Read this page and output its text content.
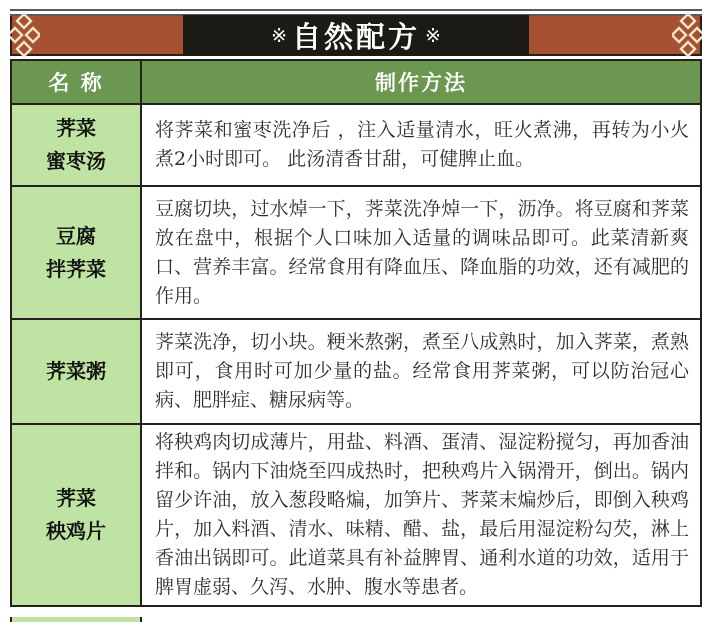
※ 自然配方 ※
名 称	制作方法

荠菜
蜜枣汤	将荠菜和蜜枣洗净后 ，注入适量清水，旺火煮沸，再转为小火煮2小时即可。 此汤清香甘甜，可健脾止血。

豆腐
拌荠菜	豆腐切块，过水焯一下，荠菜洗净焯一下，沥净。将豆腐和荠菜放在盘中，根据个人口味加入适量的调味品即可。此菜清新爽口、营养丰富。经常食用有降血压、降血脂的功效，还有减肥的作用。

荠菜粥	荠菜洗净，切小块。粳米熬粥，煮至八成熟时，加入荠菜，煮熟即可，食用时可加少量的盐。经常食用荠菜粥，可以防治冠心病、肥胖症、糖尿病等。

荠菜
秧鸡片	将秧鸡肉切成薄片，用盐、料酒、蛋清、湿淀粉搅匀，再加香油拌和。锅内下油烧至四成热时，把秧鸡片入锅滑开，倒出。锅内留少许油，放入葱段略煸，加笋片、荠菜末煸炒后，即倒入秧鸡片，加入料酒、清水、味精、醋、盐，最后用湿淀粉勾芡，淋上香油出锅即可。此道菜具有补益脾胃、通利水道的功效，适用于脾胃虚弱、久泻、水肿、腹水等患者。
